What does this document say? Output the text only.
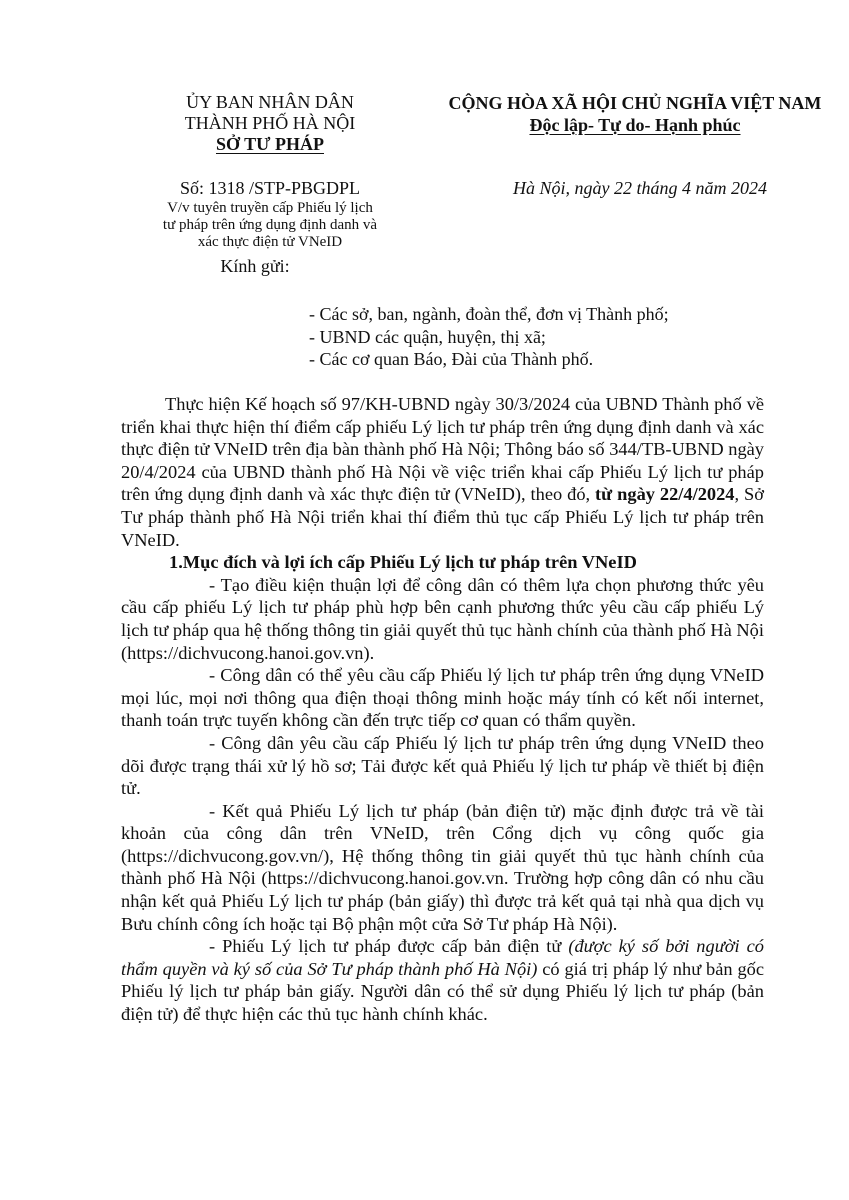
ỦY BAN NHÂN DÂN
THÀNH PHỐ HÀ NỘI
SỞ TƯ PHÁP
CỘNG HÒA XÃ HỘI CHỦ NGHĨA VIỆT NAM
Độc lập- Tự do- Hạnh phúc
Số: 1318 /STP-PBGDPL
V/v tuyên truyền cấp Phiếu lý lịch
tư pháp trên ứng dụng định danh và
xác thực điện tử VNeID
Kính gửi:
Hà Nội, ngày 22 tháng 4 năm 2024
- Các sở, ban, ngành, đoàn thể, đơn vị Thành phố;
- UBND các quận, huyện, thị xã;
- Các cơ quan Báo, Đài của Thành phố.

Thực hiện Kế hoạch số 97/KH-UBND ngày 30/3/2024 của UBND Thành phố về triển khai thực hiện thí điểm cấp phiếu Lý lịch tư pháp trên ứng dụng định danh và xác thực điện tử VNeID trên địa bàn thành phố Hà Nội; Thông báo số 344/TB-UBND ngày 20/4/2024 của UBND thành phố Hà Nội về việc triển khai cấp Phiếu Lý lịch tư pháp trên ứng dụng định danh và xác thực điện tử (VNeID), theo đó, từ ngày 22/4/2024, Sở Tư pháp thành phố Hà Nội triển khai thí điểm thủ tục cấp Phiếu Lý lịch tư pháp trên VNeID.

1.Mục đích và lợi ích cấp Phiếu Lý lịch tư pháp trên VNeID

- Tạo điều kiện thuận lợi để công dân có thêm lựa chọn phương thức yêu cầu cấp phiếu Lý lịch tư pháp phù hợp bên cạnh phương thức yêu cầu cấp phiếu Lý lịch tư pháp qua hệ thống thông tin giải quyết thủ tục hành chính của thành phố Hà Nội (https://dichvucong.hanoi.gov.vn).

- Công dân có thể yêu cầu cấp Phiếu lý lịch tư pháp trên ứng dụng VNeID mọi lúc, mọi nơi thông qua điện thoại thông minh hoặc máy tính có kết nối internet, thanh toán trực tuyến không cần đến trực tiếp cơ quan có thẩm quyền.

- Công dân yêu cầu cấp Phiếu lý lịch tư pháp trên ứng dụng VNeID theo dõi được trạng thái xử lý hồ sơ; Tải được kết quả Phiếu lý lịch tư pháp về thiết bị điện tử.

- Kết quả Phiếu Lý lịch tư pháp (bản điện tử) mặc định được trả về tài khoản của công dân trên VNeID, trên Cổng dịch vụ công quốc gia (https://dichvucong.gov.vn/), Hệ thống thông tin giải quyết thủ tục hành chính của thành phố Hà Nội (https://dichvucong.hanoi.gov.vn. Trường hợp công dân có nhu cầu nhận kết quả Phiếu Lý lịch tư pháp (bản giấy) thì được trả kết quả tại nhà qua dịch vụ Bưu chính công ích hoặc tại Bộ phận một cửa Sở Tư pháp Hà Nội).

- Phiếu Lý lịch tư pháp được cấp bản điện tử (được ký số bởi người có thẩm quyền và ký số của Sở Tư pháp thành phố Hà Nội) có giá trị pháp lý như bản gốc Phiếu lý lịch tư pháp bản giấy. Người dân có thể sử dụng Phiếu lý lịch tư pháp (bản điện tử) để thực hiện các thủ tục hành chính khác.
